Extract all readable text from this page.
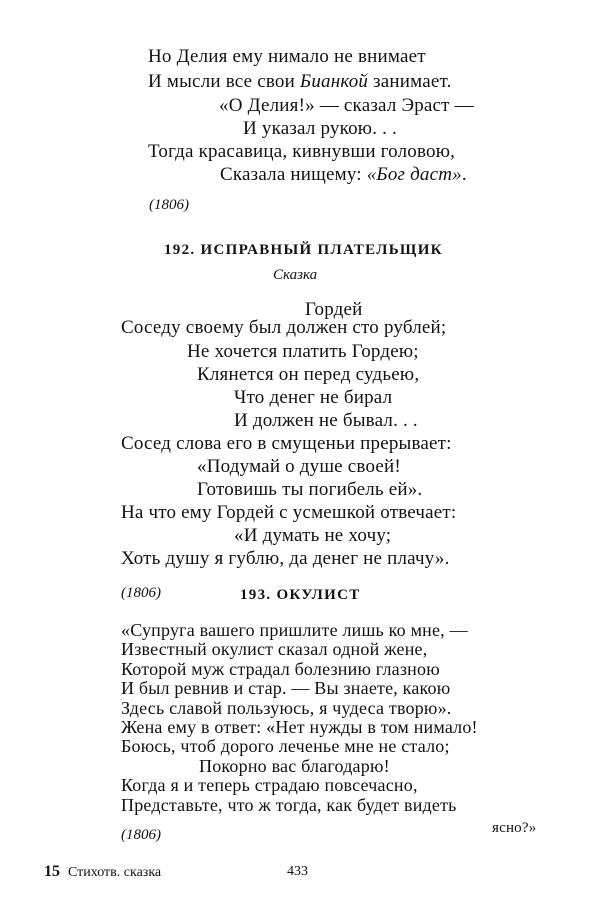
Но Делия ему нимало не внимает
И мысли все свои Бианкой занимает.
«О Делия!» — сказал Эраст —
И указал рукою. . .
Тогда красавица, кивнувши головою,
Сказала нищему: «Бог даст».
(1806)
192. ИСПРАВНЫЙ ПЛАТЕЛЬЩИК
Сказка
Гордей
Соседу своему был должен сто рублей;
Не хочется платить Гордею;
Клянется он перед судьею,
Что денег не бирал
И должен не бывал. . .
Сосед слова его в смущеньи прерывает:
«Подумай о душе своей!
Готовишь ты погибель ей».
На что ему Гордей с усмешкой отвечает:
«И думать не хочу;
Хоть душу я гублю, да денег не плачу».
(1806)	193. ОКУЛИСТ
«Супруга вашего пришлите лишь ко мне, —
Известный окулист сказал одной жене,
Которой муж страдал болезнию глазною
И был ревнив и стар. — Вы знаете, какою
Здесь славой пользуюсь, я чудеса творю».
Жена ему в ответ: «Нет нужды в том нимало!
Боюсь, чтоб дорого леченье мне не стало;
Покорно вас благодарю!
Когда я и теперь страдаю повсечасно,
Представьте, что ж тогда, как будет видеть
ясно?»
(1806)
15 Стихотв. сказка	433
